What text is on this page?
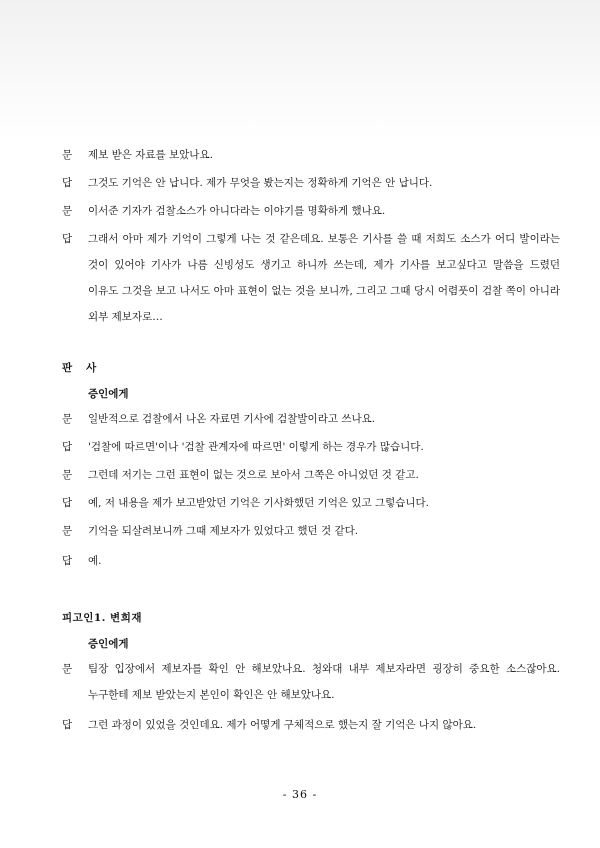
문	제보 받은 자료를 보았나요.
답	그것도 기억은 안 납니다. 제가 무엇을 봤는지는 정확하게 기억은 안 납니다.
문	이서준 기자가 검찰소스가 아니다라는 이야기를 명확하게 했나요.
답	그래서 아마 제가 기억이 그렇게 나는 것 같은데요. 보통은 기사를 쓸 때 저희도 소스가 어디 발이라는 것이 있어야 기사가 나름 신빙성도 생기고 하니까 쓰는데, 제가 기사를 보고싶다고 말씀을 드렸던 이유도 그것을 보고 나서도 아마 표현이 없는 것을 보니까, 그리고 그때 당시 어렴풋이 검찰 쪽이 아니라 외부 제보자로…
판사
증인에게
문	일반적으로 검찰에서 나온 자료면 기사에 검찰발이라고 쓰나요.
답	'검찰에 따르면'이나 '검찰 관계자에 따르면' 이렇게 하는 경우가 많습니다.
문	그런데 저기는 그런 표현이 없는 것으로 보아서 그쪽은 아니었던 것 같고.
답	예, 저 내용을 제가 보고받았던 기억은 기사화했던 기억은 있고 그렇습니다.
문	기억을 되살려보니까 그때 제보자가 있었다고 했던 것 같다.
답	예.
피고인1. 변희재
증인에게
문	팀장 입장에서 제보자를 확인 안 해보았나요. 청와대 내부 제보자라면 굉장히 중요한 소스잖아요. 누구한테 제보 받았는지 본인이 확인은 안 해보았나요.
답	그런 과정이 있었을 것인데요. 제가 어떻게 구체적으로 했는지 잘 기억은 나지 않아요.
- 36 -
